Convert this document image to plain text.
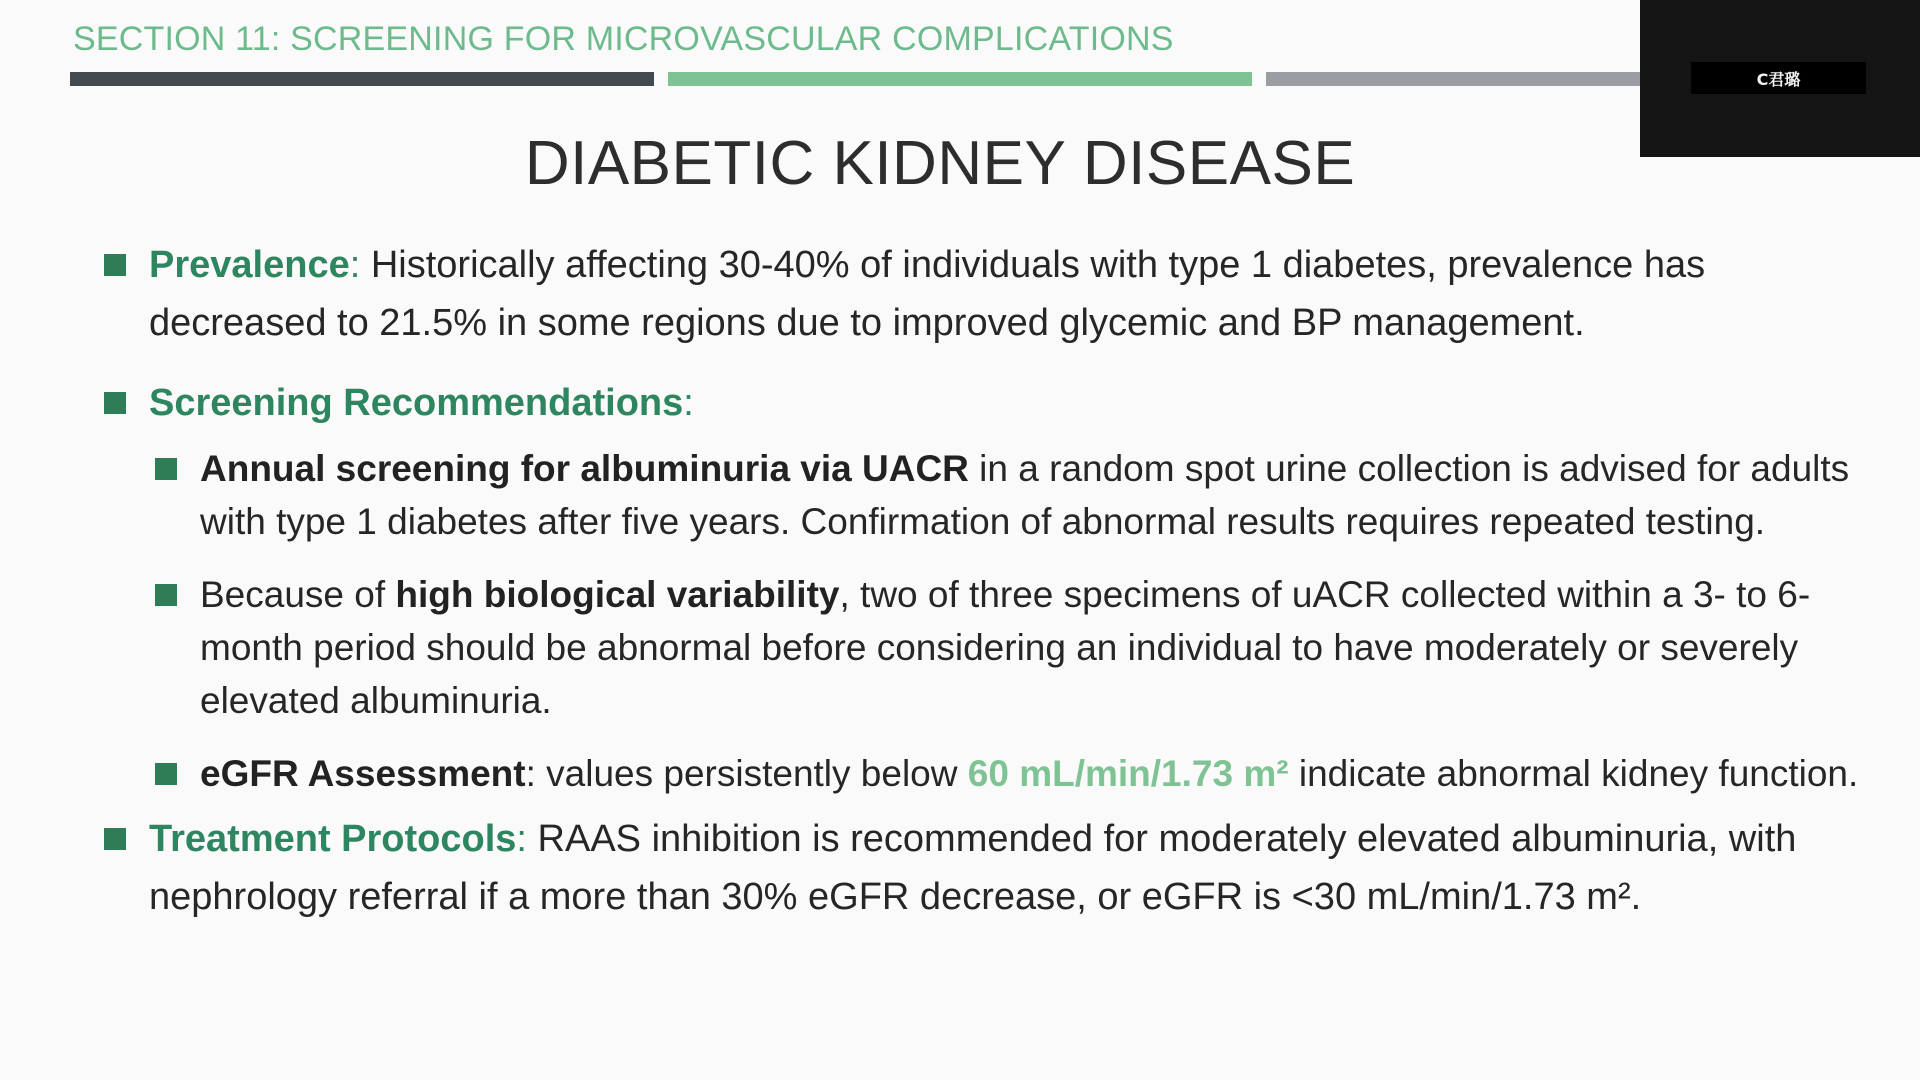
SECTION 11: SCREENING FOR MICROVASCULAR COMPLICATIONS
C君璐
DIABETIC KIDNEY DISEASE
Prevalence: Historically affecting 30-40% of individuals with type 1 diabetes, prevalence has decreased to 21.5% in some regions due to improved glycemic and BP management.
Screening Recommendations:
Annual screening for albuminuria via UACR in a random spot urine collection is advised for adults with type 1 diabetes after five years. Confirmation of abnormal results requires repeated testing.
Because of high biological variability, two of three specimens of uACR collected within a 3- to 6-month period should be abnormal before considering an individual to have moderately or severely elevated albuminuria.
eGFR Assessment: values persistently below 60 mL/min/1.73 m² indicate abnormal kidney function.
Treatment Protocols: RAAS inhibition is recommended for moderately elevated albuminuria, with nephrology referral if a more than 30% eGFR decrease, or eGFR is <30 mL/min/1.73 m².
